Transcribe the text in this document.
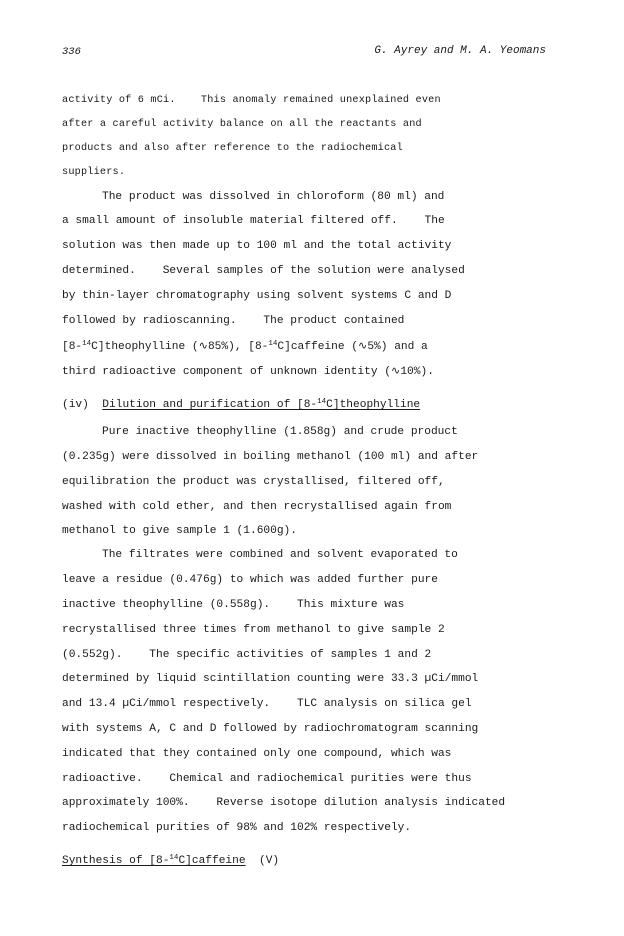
336	G. Ayrey and M. A. Yeomans
activity of 6 mCi.    This anomaly remained unexplained even
after a careful activity balance on all the reactants and
products and also after reference to the radiochemical
suppliers.
The product was dissolved in chloroform (80 ml) and
a small amount of insoluble material filtered off.    The
solution was then made up to 100 ml and the total activity
determined.    Several samples of the solution were analysed
by thin-layer chromatography using solvent systems C and D
followed by radioscanning.    The product contained
[8-$^{14}$C]theophylline (∿85%), [8-$^{14}$C]caffeine (∿5%) and a
third radioactive component of unknown identity (∿10%).
(iv)  Dilution and purification of [8-$^{14}$C]theophylline
Pure inactive theophylline (1.858g) and crude product
(0.235g) were dissolved in boiling methanol (100 ml) and after
equilibration the product was crystallised, filtered off,
washed with cold ether, and then recrystallised again from
methanol to give sample 1 (1.600g).
The filtrates were combined and solvent evaporated to
leave a residue (0.476g) to which was added further pure
inactive theophylline (0.558g).    This mixture was
recrystallised three times from methanol to give sample 2
(0.552g).    The specific activities of samples 1 and 2
determined by liquid scintillation counting were 33.3 µCi/mmol
and 13.4 µCi/mmol respectively.    TLC analysis on silica gel
with systems A, C and D followed by radiochromatogram scanning
indicated that they contained only one compound, which was
radioactive.    Chemical and radiochemical purities were thus
approximately 100%.    Reverse isotope dilution analysis indicated
radiochemical purities of 98% and 102% respectively.
Synthesis of [8-$^{14}$C]caffeine  (V)
